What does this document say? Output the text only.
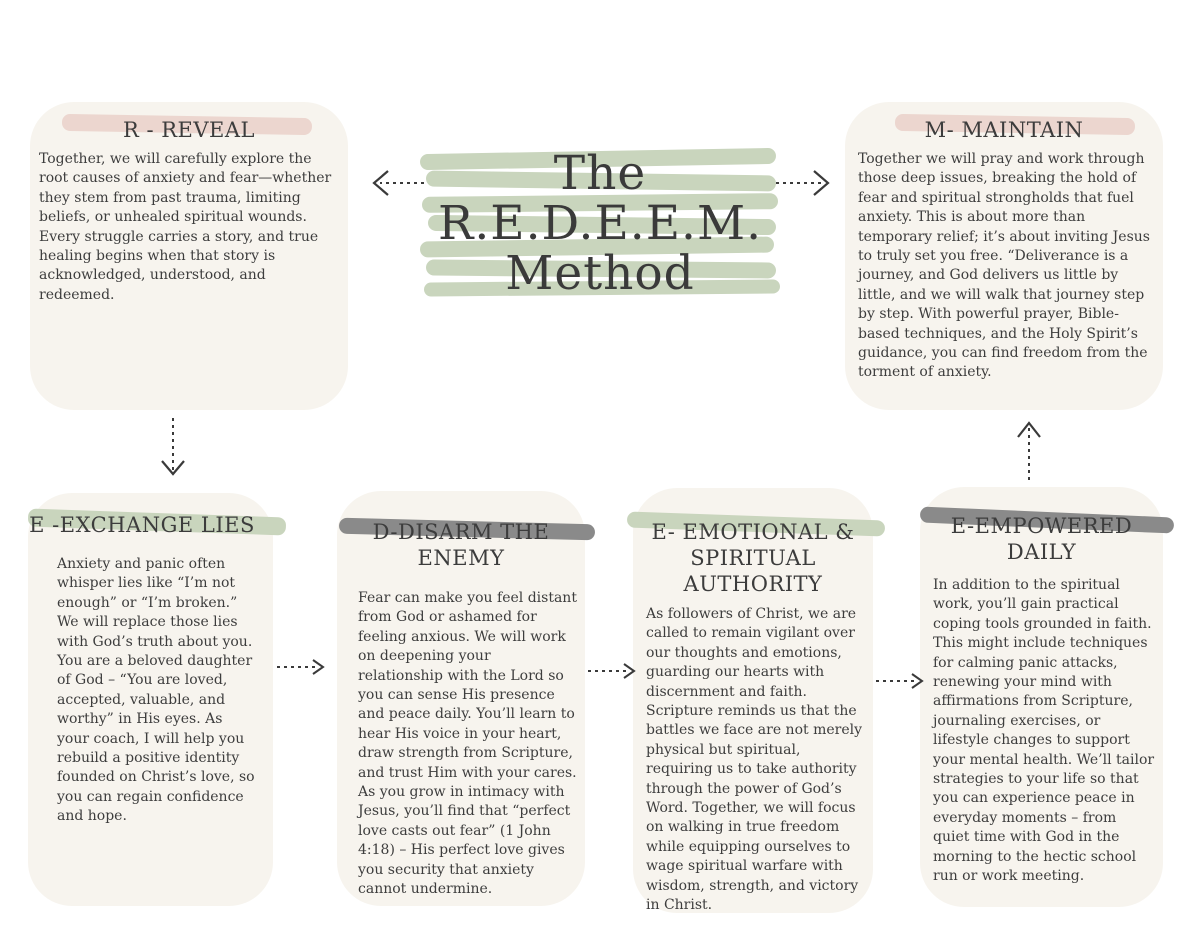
The
R.E.D.E.E.M.
Method
R - REVEAL
Together, we will carefully explore the root causes of anxiety and fear—whether they stem from past trauma, limiting beliefs, or unhealed spiritual wounds. Every struggle carries a story, and true healing begins when that story is acknowledged, understood, and redeemed.
M- MAINTAIN
Together we will pray and work through those deep issues, breaking the hold of fear and spiritual strongholds that fuel anxiety. This is about more than temporary relief; it’s about inviting Jesus to truly set you free. “Deliverance is a journey, and God delivers us little by little, and we will walk that journey step by step. With powerful prayer, Bible-based techniques, and the Holy Spirit’s guidance, you can find freedom from the torment of anxiety.
E -EXCHANGE LIES
Anxiety and panic often whisper lies like “I’m not enough” or “I’m broken.” We will replace those lies with God’s truth about you. You are a beloved daughter of God – “You are loved, accepted, valuable, and worthy” in His eyes. As your coach, I will help you rebuild a positive identity founded on Christ’s love, so you can regain confidence and hope.
D-DISARM THE
ENEMY
Fear can make you feel distant from God or ashamed for feeling anxious. We will work on deepening your relationship with the Lord so you can sense His presence and peace daily. You’ll learn to hear His voice in your heart, draw strength from Scripture, and trust Him with your cares. As you grow in intimacy with Jesus, you’ll find that “perfect love casts out fear” (1 John 4:18) – His perfect love gives you security that anxiety cannot undermine.
E- EMOTIONAL &
SPIRITUAL
AUTHORITY
As followers of Christ, we are called to remain vigilant over our thoughts and emotions, guarding our hearts with discernment and faith. Scripture reminds us that the battles we face are not merely physical but spiritual, requiring us to take authority through the power of God’s Word. Together, we will focus on walking in true freedom while equipping ourselves to wage spiritual warfare with wisdom, strength, and victory in Christ.
E-EMPOWERED
DAILY
In addition to the spiritual work, you’ll gain practical coping tools grounded in faith. This might include techniques for calming panic attacks, renewing your mind with affirmations from Scripture, journaling exercises, or lifestyle changes to support your mental health. We’ll tailor strategies to your life so that you can experience peace in everyday moments – from quiet time with God in the morning to the hectic school run or work meeting.
